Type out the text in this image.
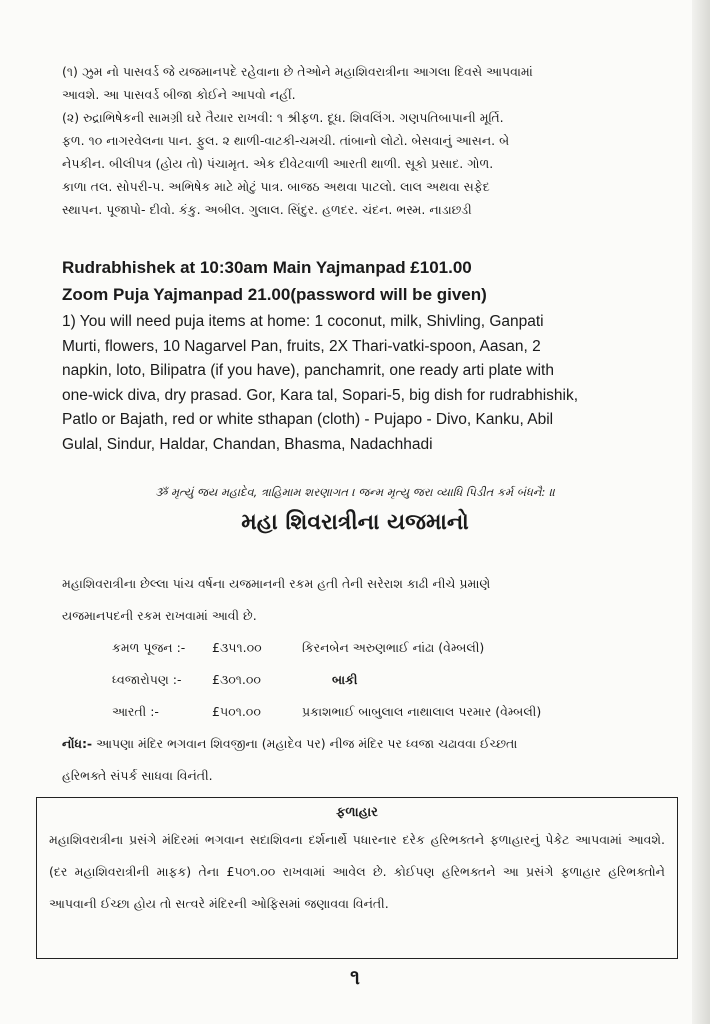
(૧) ઝુમ નો પાસવર્ડ જે યજમાનપદે રહેવાના છે તેઓને મહાશિવરાત્રીના આગલા દિવસે આપવામાં

આવશે. આ પાસવર્ડ બીજા કોઈને આપવો નહીં.

(૨) રુદ્રાભિષેકની સામગ્રી ઘરે તૈયાર રાખવી: ૧ શ્રીફળ. દૂધ. શિવલિંગ. ગણપતિબાપાની મૂર્તિ.

ફળ. ૧૦ નાગરવેલના પાન. ફુલ. ૨ થાળી-વાટકી-ચમચી. તાંબાનો લોટો. બેસવાનું આસન. બે

નેપકીન. બીલીપત્ર (હોય તો) પંચામૃત. એક દીવેટવાળી આરતી થાળી. સૂકો પ્રસાદ. ગોળ.

કાળા તલ. સોપરી-૫. અભિષેક માટે મોટું પાત્ર. બાજઠ અથવા પાટલો. લાલ અથવા સફેદ

સ્થાપન. પૂજાપો- દીવો. કંકુ. અબીલ. ગુલાલ. સિંદુર. હળદર. ચંદન. ભસ્મ. નાડાછડી

Rudrabhishek at 10:30am Main Yajmanpad £101.00
Zoom Puja Yajmanpad 21.00(password will be given)
1) You will need puja items at home: 1 coconut, milk, Shivling, Ganpati
Murti, flowers, 10 Nagarvel Pan, fruits, 2X Thari-vatki-spoon, Aasan, 2
napkin, loto, Bilipatra (if you have), panchamrit, one ready arti plate with
one-wick diva, dry prasad. Gor, Kara tal, Sopari-5, big dish for rudrabhishik,
Patlo or Bajath, red or white sthapan (cloth) - Pujapo - Divo, Kanku, Abil
Gulal, Sindur, Haldar, Chandan, Bhasma, Nadachhadi
ૐ મૃત્યું જય મહાદેવ, ત્રાહિમામ શરણાગત । જન્મ મૃત્યુ જરા વ્યાધિ પિડીત કર્મ બંધનૈ: ॥
મહા શિવરાત્રીના યજમાનો

મહાશિવરાત્રીના છેલ્લા પાંચ વર્ષના યજમાનની રકમ હતી તેની સરેરાશ કાઢી નીચે પ્રમાણે

યજમાનપદની રકમ રાખવામાં આવી છે.

કમળ પૂજન :-	£૩૫૧.૦૦	કિરનબેન અરુણભાઈ નાંઢા (વેમ્બલી)
ધ્વજારોપણ :-	£૩૦૧.૦૦	બાકી
આરતી :-	£૫૦૧.૦૦	પ્રકાશભાઈ બાબુલાલ નાથાલાલ પરમાર (વેમ્બલી)

નોંધ:- આપણા મંદિર ભગવાન શિવજીના (મહાદેવ પર) નીજ મંદિર પર ધ્વજા ચઢાવવા ઈચ્છતા

હરિભક્તે સંપર્ક સાધવા વિનંતી.

ફળાહાર

મહાશિવરાત્રીના પ્રસંગે મંદિરમાં ભગવાન સદાશિવના દર્શનાર્થે પધારનાર દરેક હરિભક્તને ફળાહારનું પેકેટ આપવામાં આવશે. (દર મહાશિવરાત્રીની માફક) તેના £૫૦૧.૦૦ રાખવામાં આવેલ છે. કોઈપણ હરિભક્તને આ પ્રસંગે ફળાહાર હરિભક્તોને આપવાની ઈચ્છા હોય તો સત્વરે મંદિરની ઓફિસમાં જણાવવા વિનંતી.

૧
